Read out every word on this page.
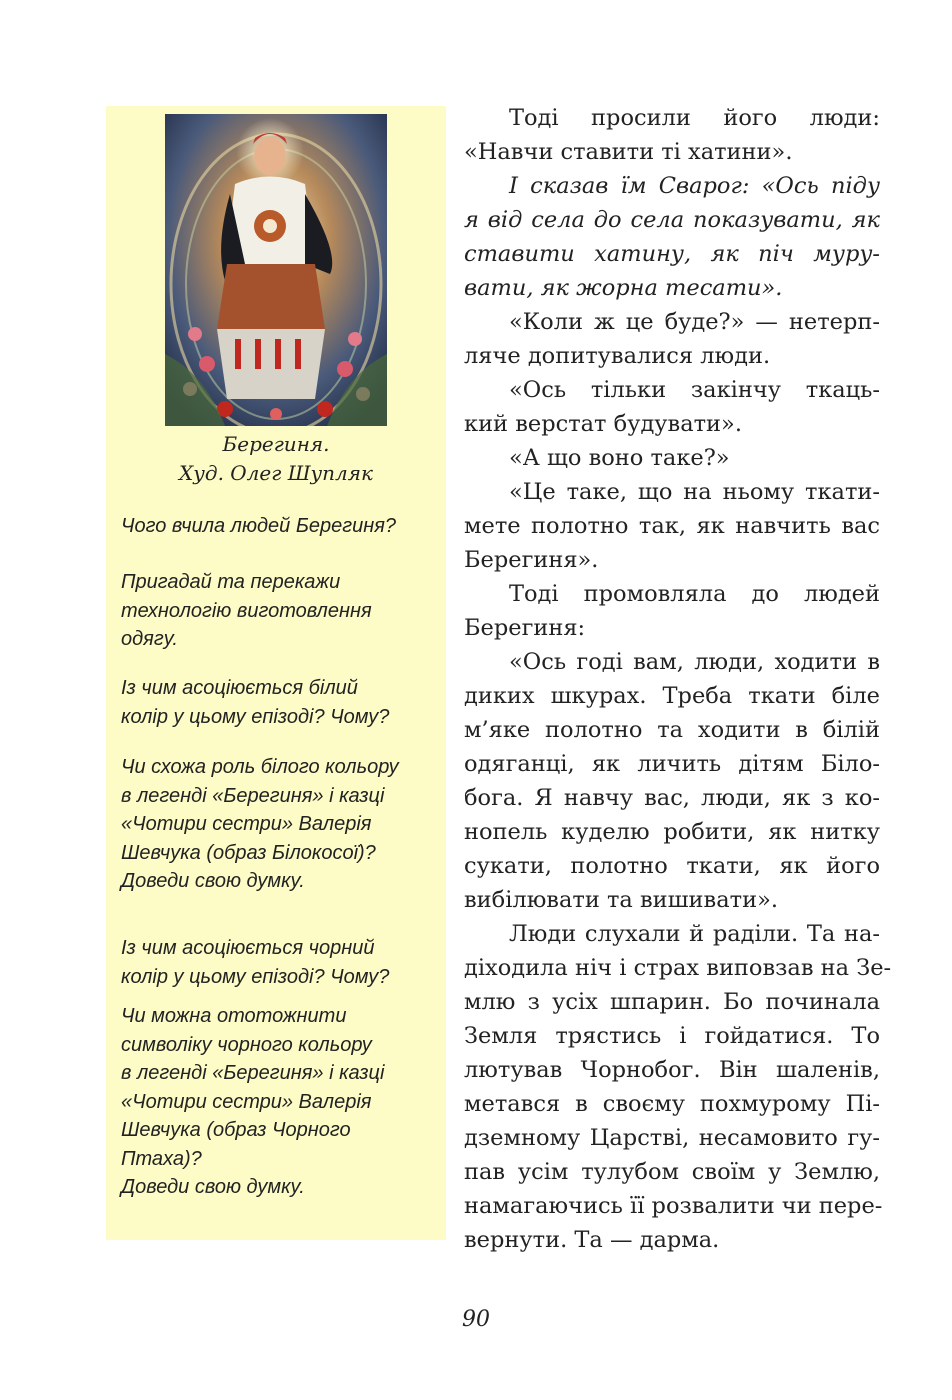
Берегиня.
Худ. Олег Шупляк
Чого вчила людей Берегиня?
Пригадай та перекажи
технологію виготовлення
одягу.
Із чим асоціюється білий
колір у цьому епізоді? Чому?
Чи схожа роль білого кольору
в легенді «Берегиня» і казці
«Чотири сестри» Валерія
Шевчука (образ Білокосої)?
Доведи свою думку.
Із чим асоціюється чорний
колір у цьому епізоді? Чому?
Чи можна ототожнити
символіку чорного кольору
в легенді «Берегиня» і казці
«Чотири сестри» Валерія
Шевчука (образ Чорного
Птаха)?
Доведи свою думку.
Тоді просили його люди:
«Навчи ставити ті хатини».
І сказав їм Сварог: «Ось піду
я від села до села показувати, як
ставити хатину, як піч муру-
вати, як жорна тесати».
«Коли ж це буде?» — нетерп-
ляче допитувалися люди.
«Ось тільки закінчу ткаць-
кий верстат будувати».
«А що воно таке?»
«Це таке, що на ньому ткати-
мете полотно так, як навчить вас
Берегиня».
Тоді промовляла до людей
Берегиня:
«Ось годі вам, люди, ходити в
диких шкурах. Треба ткати біле
м’яке полотно та ходити в білій
одяганці, як личить дітям Біло-
бога. Я навчу вас, люди, як з ко-
нопель куделю робити, як нитку
сукати, полотно ткати, як його
вибілювати та вишивати».
Люди слухали й раділи. Та на-
діходила ніч і страх виповзав на Зе-
млю з усіх шпарин. Бо починала
Земля трястись і гойдатися. То
лютував Чорнобог. Він шаленів,
метався в своєму похмурому Пі-
дземному Царстві, несамовито гу-
пав усім тулубом своїм у Землю,
намагаючись її розвалити чи пере-
вернути. Та — дарма.
90
